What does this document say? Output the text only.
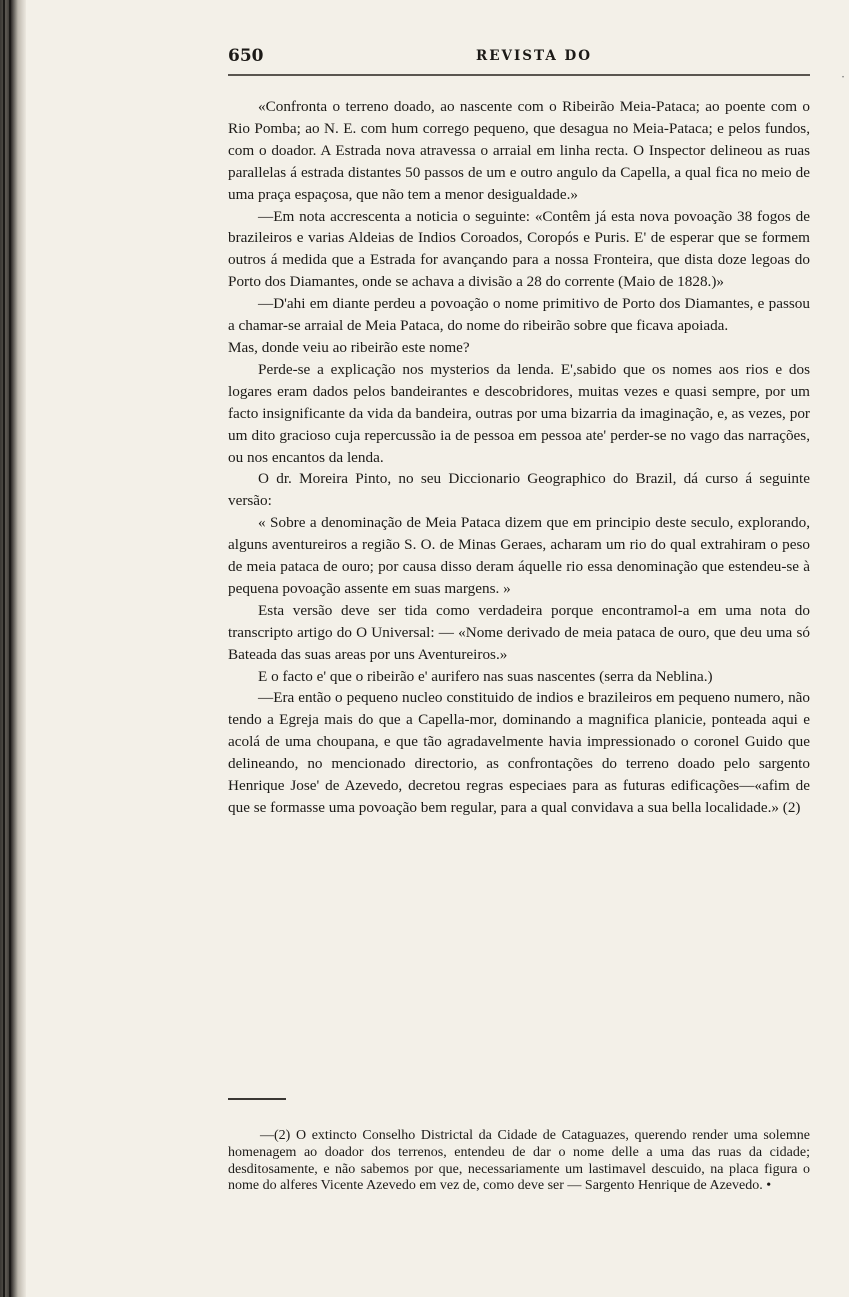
·
650	REVISTA DO

«Confronta o terreno doado, ao nascente com o Ribeirão Meia-Pataca; ao poente com o Rio Pomba; ao N. E. com hum corrego pequeno, que desagua no Meia-Pataca; e pelos fundos, com o doador. A Estrada nova atravessa o arraial em linha recta. O Inspector delineou as ruas parallelas á estrada distantes 50 passos de um e outro angulo da Capella, a qual fica no meio de uma praça espaçosa, que não tem a menor desigualdade.»

—Em nota accrescenta a noticia o seguinte: «Contêm já esta nova povoação 38 fogos de brazileiros e varias Aldeias de Indios Coroados, Coropós e Puris. E' de esperar que se formem outros á medida que a Estrada for avançando para a nossa Fronteira, que dista doze legoas do Porto dos Diamantes, onde se achava a divisão a 28 do corrente (Maio de 1828.)»

—D'ahi em diante perdeu a povoação o nome primitivo de Porto dos Diamantes, e passou a chamar-se arraial de Meia Pataca, do nome do ribeirão sobre que ficava apoiada.

Mas, donde veiu ao ribeirão este nome?

Perde-se a explicação nos mysterios da lenda. E',sabido que os nomes aos rios e dos logares eram dados pelos bandeirantes e descobridores, muitas vezes e quasi sempre, por um facto insignificante da vida da bandeira, outras por uma bizarria da imaginação, e, as vezes, por um dito gracioso cuja repercussão ia de pessoa em pessoa ate' perder-se no vago das narrações, ou nos encantos da lenda.

O dr. Moreira Pinto, no seu Diccionario Geographico do Brazil, dá curso á seguinte versão:

« Sobre a denominação de Meia Pataca dizem que em principio deste seculo, explorando, alguns aventureiros a região S. O. de Minas Geraes, acharam um rio do qual extrahiram o peso de meia pataca de ouro; por causa disso deram áquelle rio essa denominação que estendeu-se à pequena povoação assente em suas margens. »

Esta versão deve ser tida como verdadeira porque encontramol-a em uma nota do transcripto artigo do O Universal: — «Nome derivado de meia pataca de ouro, que deu uma só Bateada das suas areas por uns Aventureiros.»

E o facto e' que o ribeirão e' aurifero nas suas nascentes (serra da Neblina.)

—Era então o pequeno nucleo constituido de indios e brazileiros em pequeno numero, não tendo a Egreja mais do que a Capella-mor, dominando a magnifica planicie, ponteada aqui e acolá de uma choupana, e que tão agradavelmente havia impressionado o coronel Guido que delineando, no mencionado directorio, as confrontações do terreno doado pelo sargento Henrique Jose' de Azevedo, decretou regras especiaes para as futuras edificações—«afim de que se formasse uma povoação bem regular, para a qual convidava a sua bella localidade.» (2)

—(2) O extincto Conselho Districtal da Cidade de Cataguazes, querendo render uma solemne homenagem ao doador dos terrenos, entendeu de dar o nome delle a uma das ruas da cidade; desditosamente, e não sabemos por que, necessariamente um lastimavel descuido, na placa figura o nome do alferes Vicente Azevedo em vez de, como deve ser — Sargento Henrique de Azevedo. •
